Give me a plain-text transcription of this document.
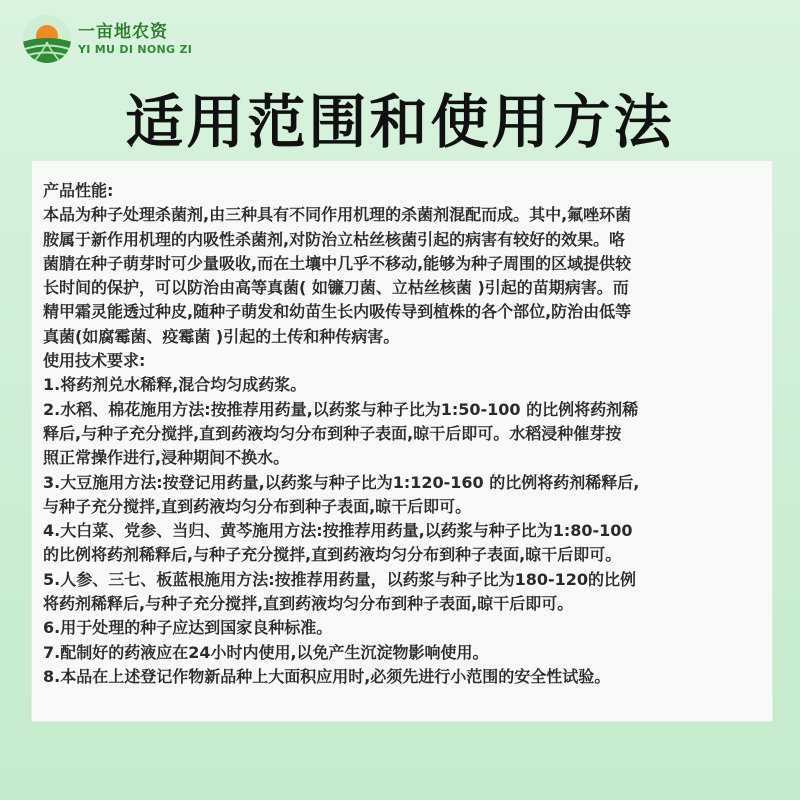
一亩地农资
YI MU DI NONG ZI
适用范围和使用方法
产品性能:
本品为种子处理杀菌剂,由三种具有不同作用机理的杀菌剂混配而成。其中,氟唑环菌
胺属于新作用机理的内吸性杀菌剂,对防治立枯丝核菌引起的病害有较好的效果。咯
菌腈在种子萌芽时可少量吸收,而在土壤中几乎不移动,能够为种子周围的区域提供较
长时间的保护，可以防治由高等真菌( 如镰刀菌、立枯丝核菌 )引起的苗期病害。而
精甲霜灵能透过种皮,随种子萌发和幼苗生长内吸传导到植株的各个部位,防治由低等
真菌(如腐霉菌、疫霉菌 )引起的土传和种传病害。
使用技术要求:
1.将药剂兑水稀释,混合均匀成药浆。
2.水稻、棉花施用方法:按推荐用药量,以药浆与种子比为1:50-100 的比例将药剂稀
释后,与种子充分搅拌,直到药液均匀分布到种子表面,晾干后即可。水稻浸种催芽按
照正常操作进行,浸种期间不换水。
3.大豆施用方法:按登记用药量,以药浆与种子比为1:120-160 的比例将药剂稀释后,
与种子充分搅拌,直到药液均匀分布到种子表面,晾干后即可。
4.大白菜、党参、当归、黄芩施用方法:按推荐用药量,以药浆与种子比为1:80-100
的比例将药剂稀释后,与种子充分搅拌,直到药液均匀分布到种子表面,晾干后即可。
5.人参、三七、板蓝根施用方法:按推荐用药量，以药浆与种子比为180-120的比例
将药剂稀释后,与种子充分搅拌,直到药液均匀分布到种子表面,晾干后即可。
6.用于处理的种子应达到国家良种标准。
7.配制好的药液应在24小时内使用,以免产生沉淀物影响使用。
8.本品在上述登记作物新品种上大面积应用时,必须先进行小范围的安全性试验。
